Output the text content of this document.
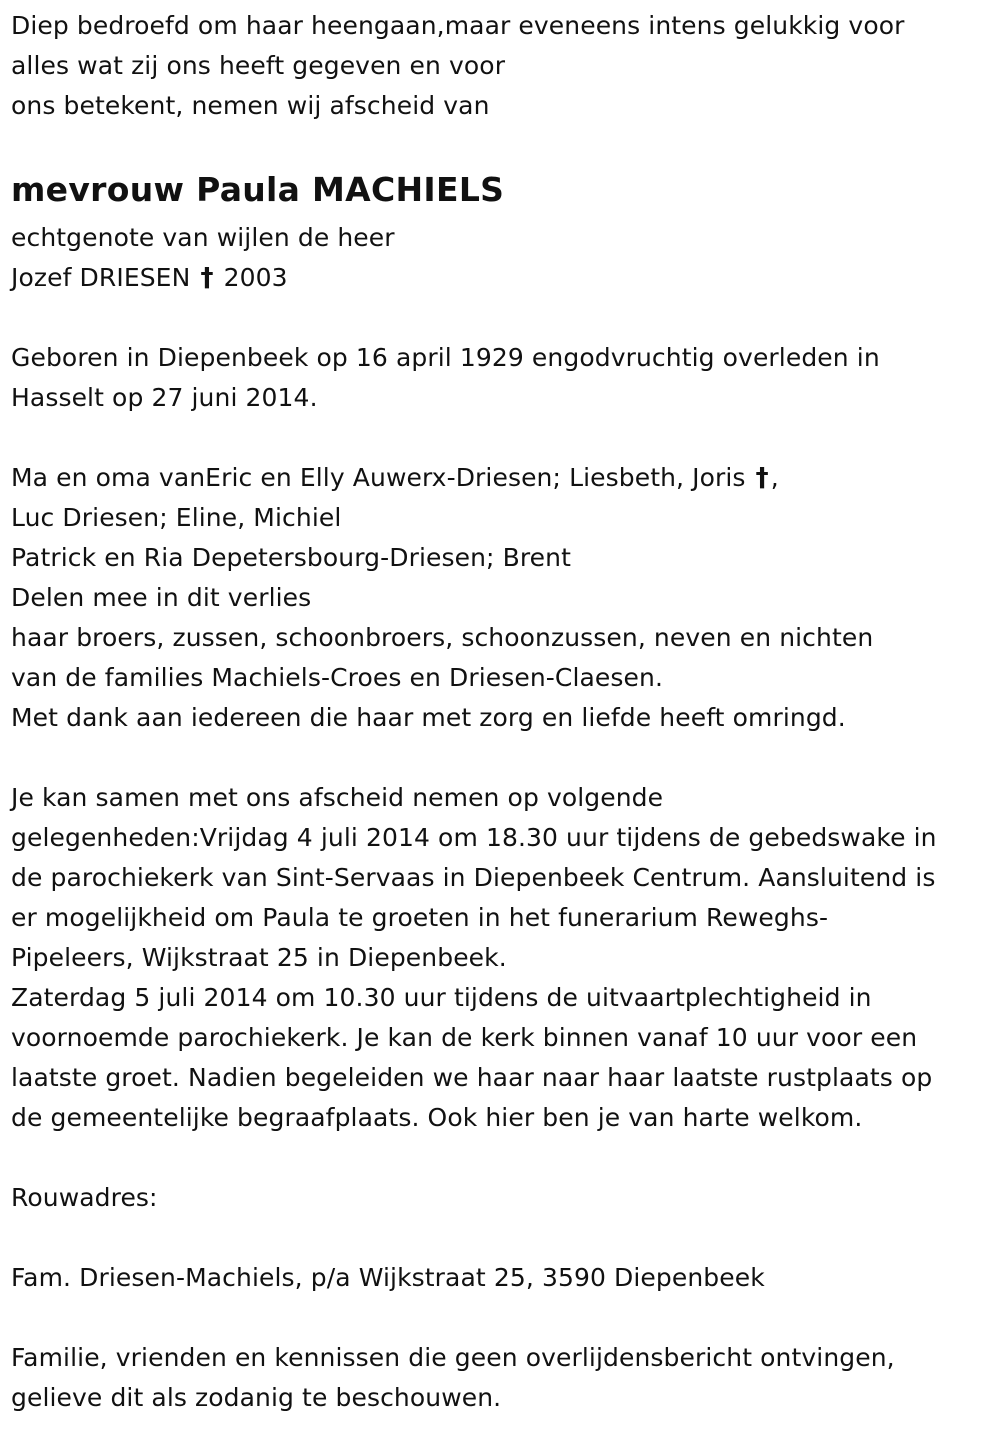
Diep bedroefd om haar heengaan,maar eveneens intens gelukkig voor
alles wat zij ons heeft gegeven en voor
ons betekent, nemen wij afscheid van
mevrouw Paula MACHIELS
echtgenote van wijlen de heer
Jozef DRIESEN † 2003
Geboren in Diepenbeek op 16 april 1929 engodvruchtig overleden in
Hasselt op 27 juni 2014.
Ma en oma vanEric en Elly Auwerx-Driesen; Liesbeth, Joris †,
Luc Driesen; Eline, Michiel
Patrick en Ria Depetersbourg-Driesen; Brent
Delen mee in dit verlies
haar broers, zussen, schoonbroers, schoonzussen, neven en nichten
van de families Machiels-Croes en Driesen-Claesen.
Met dank aan iedereen die haar met zorg en liefde heeft omringd.
Je kan samen met ons afscheid nemen op volgende
gelegenheden:Vrijdag 4 juli 2014 om 18.30 uur tijdens de gebedswake in
de parochiekerk van Sint-Servaas in Diepenbeek Centrum. Aansluitend is
er mogelijkheid om Paula te groeten in het funerarium Reweghs-
Pipeleers, Wijkstraat 25 in Diepenbeek.
Zaterdag 5 juli 2014 om 10.30 uur tijdens de uitvaartplechtigheid in
voornoemde parochiekerk. Je kan de kerk binnen vanaf 10 uur voor een
laatste groet. Nadien begeleiden we haar naar haar laatste rustplaats op
de gemeentelijke begraafplaats. Ook hier ben je van harte welkom.
Rouwadres:
Fam. Driesen-Machiels, p/a Wijkstraat 25, 3590 Diepenbeek
Familie, vrienden en kennissen die geen overlijdensbericht ontvingen,
gelieve dit als zodanig te beschouwen.
